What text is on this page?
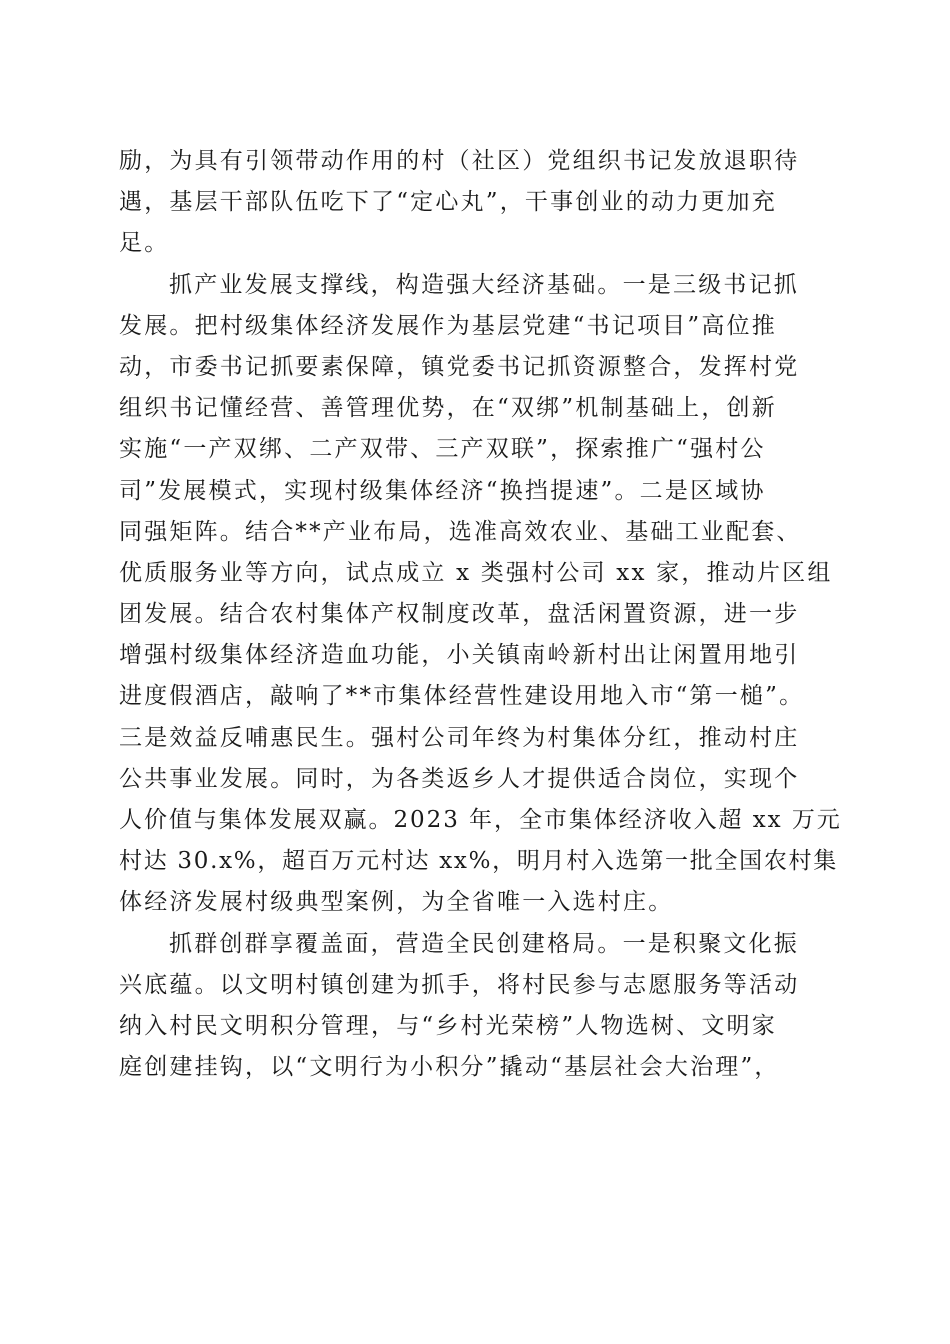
励，为具有引领带动作用的村（社区）党组织书记发放退职待
遇，基层干部队伍吃下了“定心丸”，干事创业的动力更加充
足。
抓产业发展支撑线，构造强大经济基础。一是三级书记抓
发展。把村级集体经济发展作为基层党建“书记项目”高位推
动，市委书记抓要素保障，镇党委书记抓资源整合，发挥村党
组织书记懂经营、善管理优势，在“双绑”机制基础上，创新
实施“一产双绑、二产双带、三产双联”，探索推广“强村公
司”发展模式，实现村级集体经济“换挡提速”。二是区域协
同强矩阵。结合**产业布局，选准高效农业、基础工业配套、
优质服务业等方向，试点成立 x 类强村公司 xx 家，推动片区组
团发展。结合农村集体产权制度改革，盘活闲置资源，进一步
增强村级集体经济造血功能，小关镇南岭新村出让闲置用地引
进度假酒店，敲响了**市集体经营性建设用地入市“第一槌”。
三是效益反哺惠民生。强村公司年终为村集体分红，推动村庄
公共事业发展。同时，为各类返乡人才提供适合岗位，实现个
人价值与集体发展双赢。2023 年，全市集体经济收入超 xx 万元
村达 30.x%，超百万元村达 xx%，明月村入选第一批全国农村集
体经济发展村级典型案例，为全省唯一入选村庄。
抓群创群享覆盖面，营造全民创建格局。一是积聚文化振
兴底蕴。以文明村镇创建为抓手，将村民参与志愿服务等活动
纳入村民文明积分管理，与“乡村光荣榜”人物选树、文明家
庭创建挂钩，以“文明行为小积分”撬动“基层社会大治理”，
